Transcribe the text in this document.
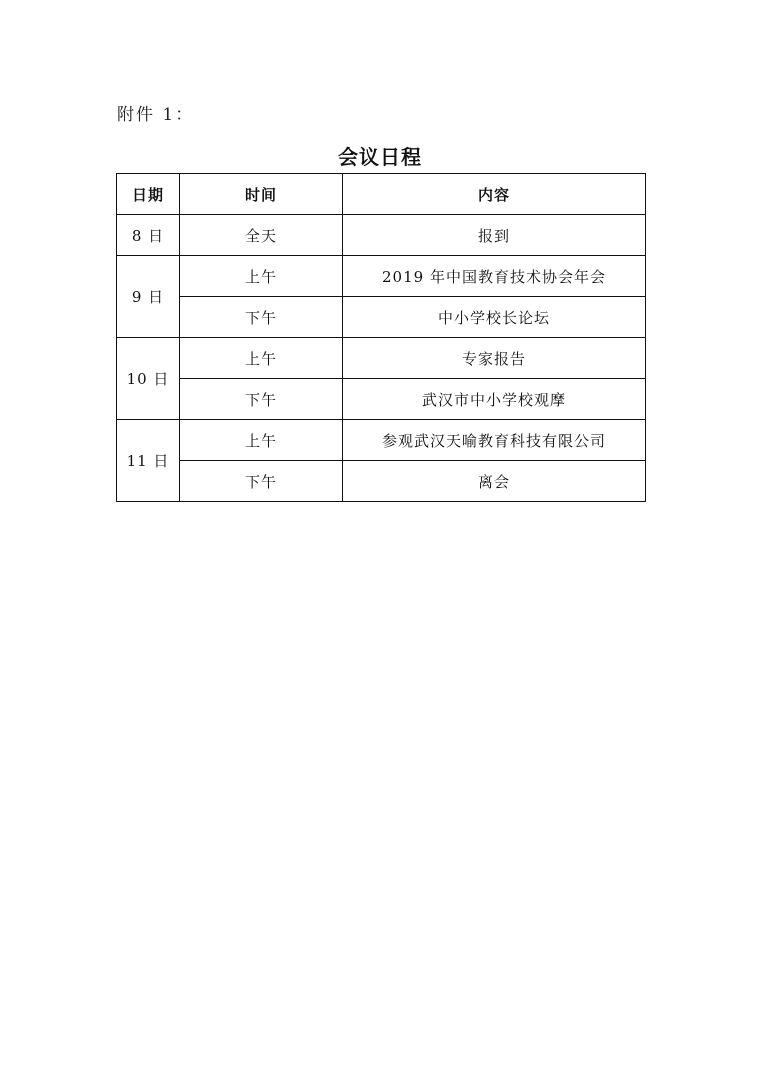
附件 1：
会议日程
日期	时间	内容
8 日	全天	报到
9 日	上午	2019 年中国教育技术协会年会
	下午	中小学校长论坛
10 日	上午	专家报告
	下午	武汉市中小学校观摩
11 日	上午	参观武汉天喻教育科技有限公司
	下午	离会
